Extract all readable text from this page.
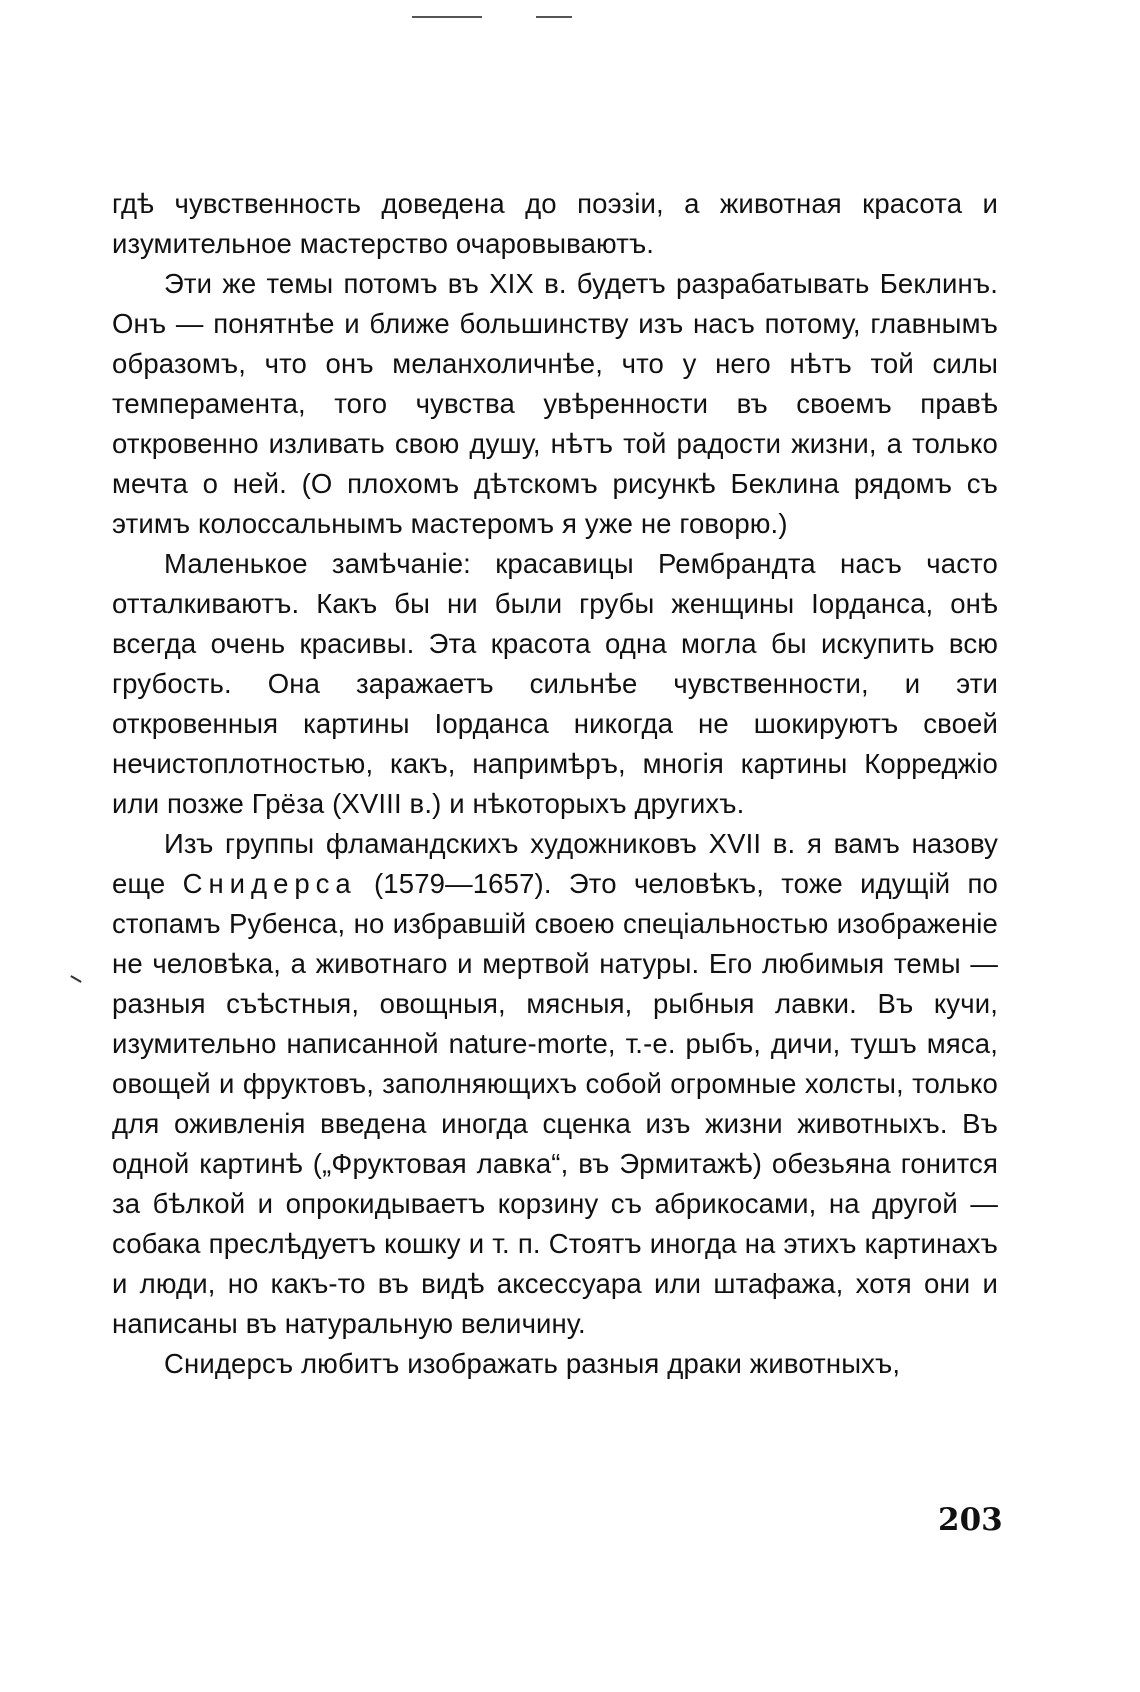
гдѣ чувственность доведена до поэзіи, а животная красота и изумительное мастерство очаровываютъ.

Эти же темы потомъ въ XIX в. будетъ разрабатывать Беклинъ. Онъ — понятнѣе и ближе большинству изъ насъ потому, главнымъ образомъ, что онъ меланхоличнѣе, что у него нѣтъ той силы темперамента, того чувства увѣренности въ своемъ правѣ откровенно изливать свою душу, нѣтъ той радости жизни, а только мечта о ней. (О плохомъ дѣтскомъ рисункѣ Беклина рядомъ съ этимъ колоссальнымъ мастеромъ я уже не говорю.)

Маленькое замѣчаніе: красавицы Рембрандта насъ часто отталкиваютъ. Какъ бы ни были грубы женщины Іорданса, онѣ всегда очень красивы. Эта красота одна могла бы искупить всю грубость. Она заражаетъ сильнѣе чувственности, и эти откровенныя картины Іорданса никогда не шокируютъ своей нечистоплотностью, какъ, напримѣръ, многія картины Корреджіо или позже Грёза (XVIII в.) и нѣкоторыхъ другихъ.

Изъ группы фламандскихъ художниковъ XVII в. я вамъ назову еще Снидерса (1579—1657). Это человѣкъ, тоже идущій по стопамъ Рубенса, но избравшій своею спеціальностью изображеніе не человѣка, а животнаго и мертвой натуры. Его любимыя темы — разныя съѣстныя, овощныя, мясныя, рыбныя лавки. Въ кучи, изумительно написанной nature-morte, т.-е. рыбъ, дичи, тушъ мяса, овощей и фруктовъ, заполняющихъ собой огромные холсты, только для оживленія введена иногда сценка изъ жизни животныхъ. Въ одной картинѣ („Фруктовая лавка“, въ Эрмитажѣ) обезьяна гонится за бѣлкой и опрокидываетъ корзину съ абрикосами, на другой — собака преслѣдуетъ кошку и т. п. Стоятъ иногда на этихъ картинахъ и люди, но какъ-то въ видѣ аксессуара или штафажа, хотя они и написаны въ натуральную величину.

Снидерсъ любитъ изображать разныя драки животныхъ,

203
